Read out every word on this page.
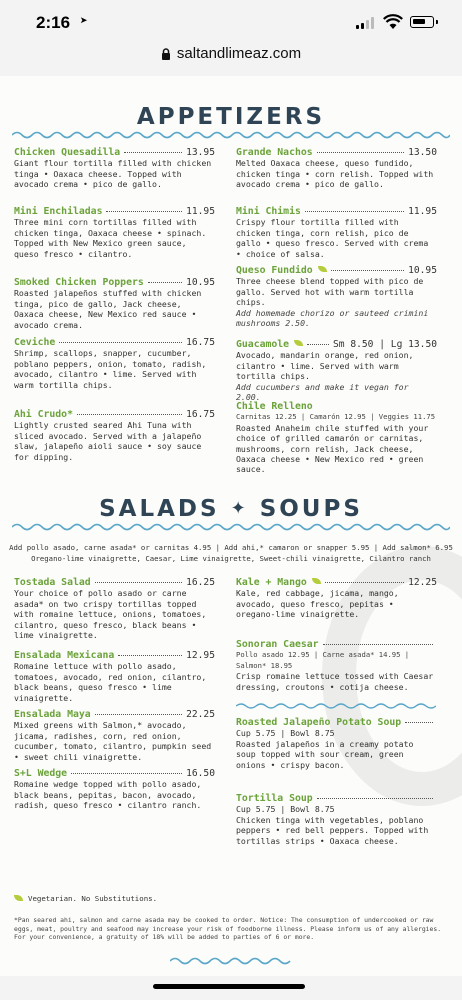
2:16 ➤
saltandlimeaz.com
APPETIZERS
Chicken Quesadilla	13.95
Giant flour tortilla filled with chicken tinga • Oaxaca cheese. Topped with avocado crema • pico de gallo.
Mini Enchiladas	11.95
Three mini corn tortillas filled with chicken tinga, Oaxaca cheese • spinach. Topped with New Mexico green sauce, queso fresco • cilantro.
Smoked Chicken Poppers	10.95
Roasted jalapeños stuffed with chicken tinga, pico de gallo, Jack cheese, Oaxaca cheese, New Mexico red sauce • avocado crema.
Ceviche	16.75
Shrimp, scallops, snapper, cucumber, poblano peppers, onion, tomato, radish, avocado, cilantro • lime. Served with warm tortilla chips.
Ahi Crudo*	16.75
Lightly crusted seared Ahi Tuna with sliced avocado. Served with a jalapeño slaw, jalapeño aioli sauce • soy sauce for dipping.
Grande Nachos	13.50
Melted Oaxaca cheese, queso fundido, chicken tinga • corn relish. Topped with avocado crema • pico de gallo.
Mini Chimis	11.95
Crispy flour tortilla filled with chicken tinga, corn relish, pico de gallo • queso fresco. Served with crema • choice of salsa.
Queso Fundido	10.95
Three cheese blend topped with pico de gallo. Served hot with warm tortilla chips.
Add homemade chorizo or sauteed crimini mushrooms 2.50.
Guacamole	Sm 8.50 | Lg 13.50
Avocado, mandarin orange, red onion, cilantro • lime. Served with warm tortilla chips.
Add cucumbers and make it vegan for 2.00.
Chile Relleno
Carnitas 12.25 | Camarón 12.95 | Veggies 11.75
Roasted Anaheim chile stuffed with your choice of grilled camarón or carnitas, mushrooms, corn relish, Jack cheese, Oaxaca cheese • New Mexico red • green sauce.
SALADS ✦ SOUPS
Add pollo asado, carne asada* or carnitas 4.95 | Add ahi,* camaron or snapper 5.95 | Add salmon* 6.95
Oregano-lime vinaigrette, Caesar, Lime vinaigrette, Sweet-chili vinaigrette, Cilantro ranch
Tostada Salad	16.25
Your choice of pollo asado or carne asada* on two crispy tortillas topped with romaine lettuce, onions, tomatoes, cilantro, queso fresco, black beans • lime vinaigrette.
Ensalada Mexicana	12.95
Romaine lettuce with pollo asado, tomatoes, avocado, red onion, cilantro, black beans, queso fresco • lime vinaigrette.
Ensalada Maya	22.25
Mixed greens with Salmon,* avocado, jicama, radishes, corn, red onion, cucumber, tomato, cilantro, pumpkin seed • sweet chili vinaigrette.
S+L Wedge	16.50
Romaine wedge topped with pollo asado, black beans, pepitas, bacon, avocado, radish, queso fresco • cilantro ranch.
Kale + Mango	12.25
Kale, red cabbage, jicama, mango, avocado, queso fresco, pepitas • oregano-lime vinaigrette.
Sonoran Caesar
Pollo asado 12.95 | Carne asada* 14.95 | Salmon* 18.95
Crisp romaine lettuce tossed with Caesar dressing, croutons • cotija cheese.
Roasted Jalapeño Potato Soup
Cup 5.75 | Bowl 8.75
Roasted jalapeños in a creamy potato soup topped with sour cream, green onions • crispy bacon.
Tortilla Soup
Cup 5.75 | Bowl 8.75
Chicken tinga with vegetables, poblano peppers • red bell peppers. Topped with tortillas strips • Oaxaca cheese.
Vegetarian. No Substitutions.
*Pan seared ahi, salmon and carne asada may be cooked to order. Notice: The consumption of undercooked or raw eggs, meat, poultry and seafood may increase your risk of foodborne illness. Please inform us of any allergies. For your convenience, a gratuity of 18% will be added to parties of 6 or more.
